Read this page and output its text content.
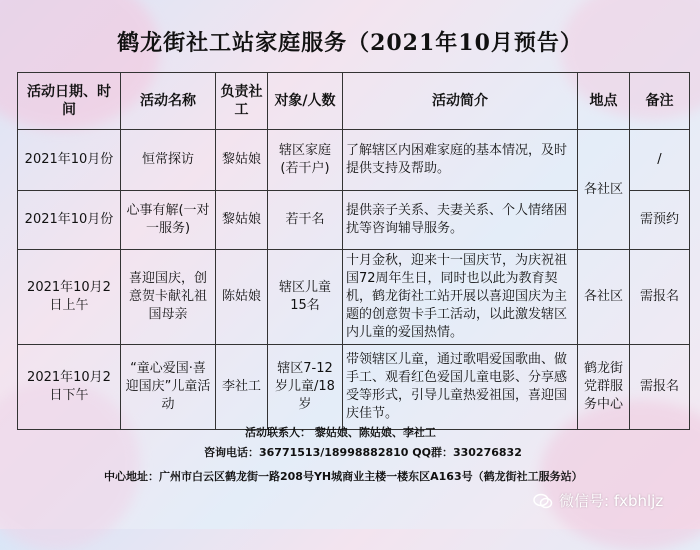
鹤龙街社工站家庭服务（2021年10月预告）
活动日期、时间	活动名称	负责社工	对象/人数	活动简介	地点	备注
2021年10月份	恒常探访	黎姑娘	辖区家庭(若干户)	了解辖区内困难家庭的基本情况，及时提供支持及帮助。	各社区	/
2021年10月份	心事有解(一对一服务)	黎姑娘	若干名	提供亲子关系、夫妻关系、个人情绪困扰等咨询辅导服务。		需预约
2021年10月2日上午	喜迎国庆，创意贺卡献礼祖国母亲	陈姑娘	辖区儿童15名	十月金秋，迎来十一国庆节，为庆祝祖国72周年生日，同时也以此为教育契机，鹤龙街社工站开展以喜迎国庆为主题的创意贺卡手工活动，以此激发辖区内儿童的爱国热情。	各社区	需报名
2021年10月2日下午	“童心爱国·喜迎国庆”儿童活动	李社工	辖区7-12岁儿童/18岁	带领辖区儿童，通过歌唱爱国歌曲、做手工、观看红色爱国儿童电影、分享感受等形式，引导儿童热爱祖国，喜迎国庆佳节。	鹤龙街党群服务中心	需报名
活动联系人： 黎姑娘、陈姑娘、李社工
咨询电话：36771513/18998882810 QQ群：330276832
中心地址：广州市白云区鹤龙街一路208号YH城商业主楼一楼东区A163号（鹤龙街社工服务站）
微信号: fxbhljz
